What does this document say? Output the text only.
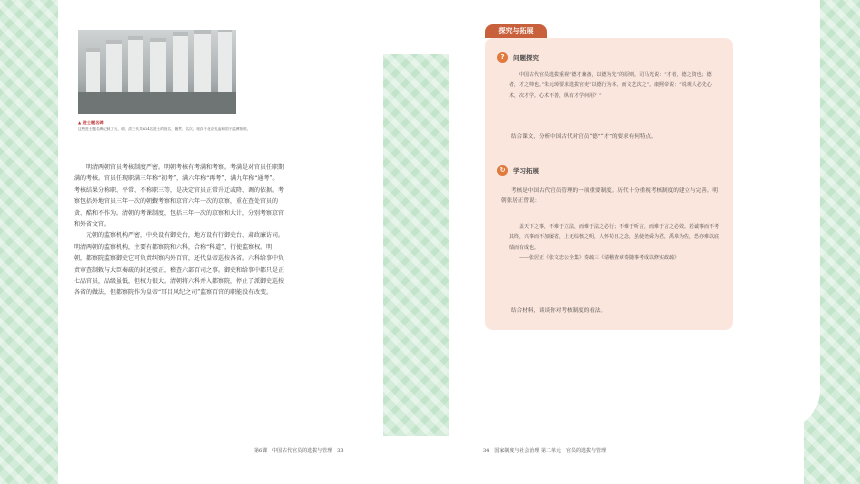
▲ 进士题名碑
这些进士题名碑记载了元、明、清三代共624名进士的姓名、籍贯、名次。现存于北京孔庙和国子监博物馆。

明清两朝官员考核制度严密。明朝考核有考满和考察。考满是对官员任职期满的考核。官员任现职满三年称“初考”，满六年称“再考”，满九年称“通考”。考核结果分称职、平常、不称职三等，是决定官员正常升迁或降、调的依据。考察包括外地官员三年一次的朝觐考察和京官六年一次的京察，重在查处官员的贪、酷和不作为。清朝的考课制度，包括三年一次的京察和大计，分别考察京官和外省文官。

元朝的监察机构严密，中央设有御史台，地方设有行御史台、肃政廉访司。明清两朝的监察机构，主要有都察院和六科，合称“科道”，行使监察权。明朝，都察院监察御史它可负责纠察内外百官，还代皇帝巡按各省。六科给事中负责审查制敕与大臣奏疏的封还驳正，稽查六部百司之事。御史和给事中都只是正七品官员，品级虽低，但权力很大。清朝将六科并入都察院，停止了派御史巡按各省的做法，但都察院作为皇帝“耳目风纪之司”监察百官的职能没有改变。

第6课　中国古代官员的选拔与管理　33
探究与拓展
?	问题探究

中国古代官员选拔重视“德才兼备，以德为先”的原则。司马光说：“才者，德之资也；德者，才之帅也。”朱元璋要求选拔官吏“以德行为本，而文艺次之”。康熙帝说：“说观人必先心术，次才学。心术不善，纵有才学何用？”

结合课文，分析中国古代对官员“德”“才”的要求有何特点。

↻	学习拓展

考核是中国古代官员管理的一项重要制度。历代十分重视考核制度的建立与完善。明朝张居正曾说：

盖天下之事，不难于立法，而难于法之必行；不难于听言，而难于言之必效。若诚事而不考其终，兴事而不加屡省，上无综核之明，人怀苟且之念，虽使尧舜为君，禹皋为佐，恐亦难以底绩而有成也。

——张居正《张文忠公全集》奏疏三《请稽查章奏随事考成以修实政疏》

结合材料，谈谈你对考核制度的看法。

34　国家制度与社会治理 第二单元　官员的选拔与管理
